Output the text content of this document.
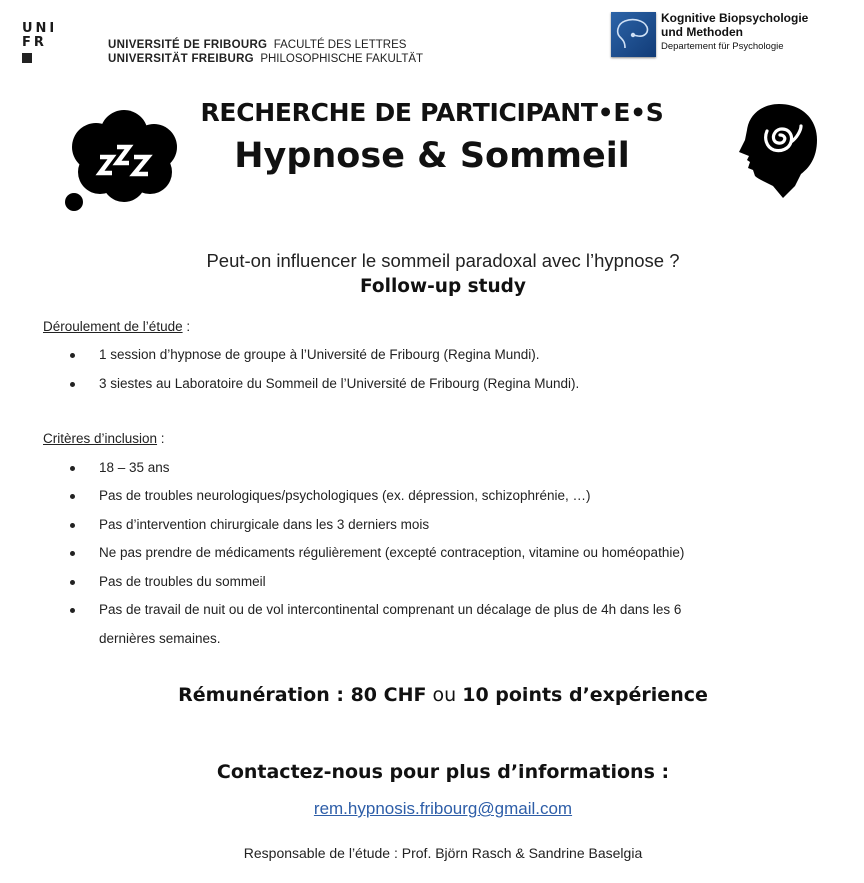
UNI
FR	UNIVERSITÉ DE FRIBOURG FACULTÉ DES LETTRES
UNIVERSITÄT FREIBURG PHILOSOPHISCHE FAKULTÄT
Kognitive Biopsychologie
und Methoden
Departement für Psychologie
RECHERCHE DE PARTICIPANT•E•S
Hypnose & Sommeil
Peut-on influencer le sommeil paradoxal avec l’hypnose ?
Follow-up study
Déroulement de l’étude :
1 session d’hypnose de groupe à l’Université de Fribourg (Regina Mundi).
3 siestes au Laboratoire du Sommeil de l’Université de Fribourg (Regina Mundi).
Critères d’inclusion :
18 – 35 ans
Pas de troubles neurologiques/psychologiques (ex. dépression, schizophrénie, …)
Pas d’intervention chirurgicale dans les 3 derniers mois
Ne pas prendre de médicaments régulièrement (excepté contraception, vitamine ou homéopathie)
Pas de troubles du sommeil
Pas de travail de nuit ou de vol intercontinental comprenant un décalage de plus de 4h dans les 6
dernières semaines.
Rémunération : 80 CHF ou 10 points d’expérience
Contactez-nous pour plus d’informations :
rem.hypnosis.fribourg@gmail.com
Responsable de l’étude : Prof. Björn Rasch & Sandrine Baselgia
